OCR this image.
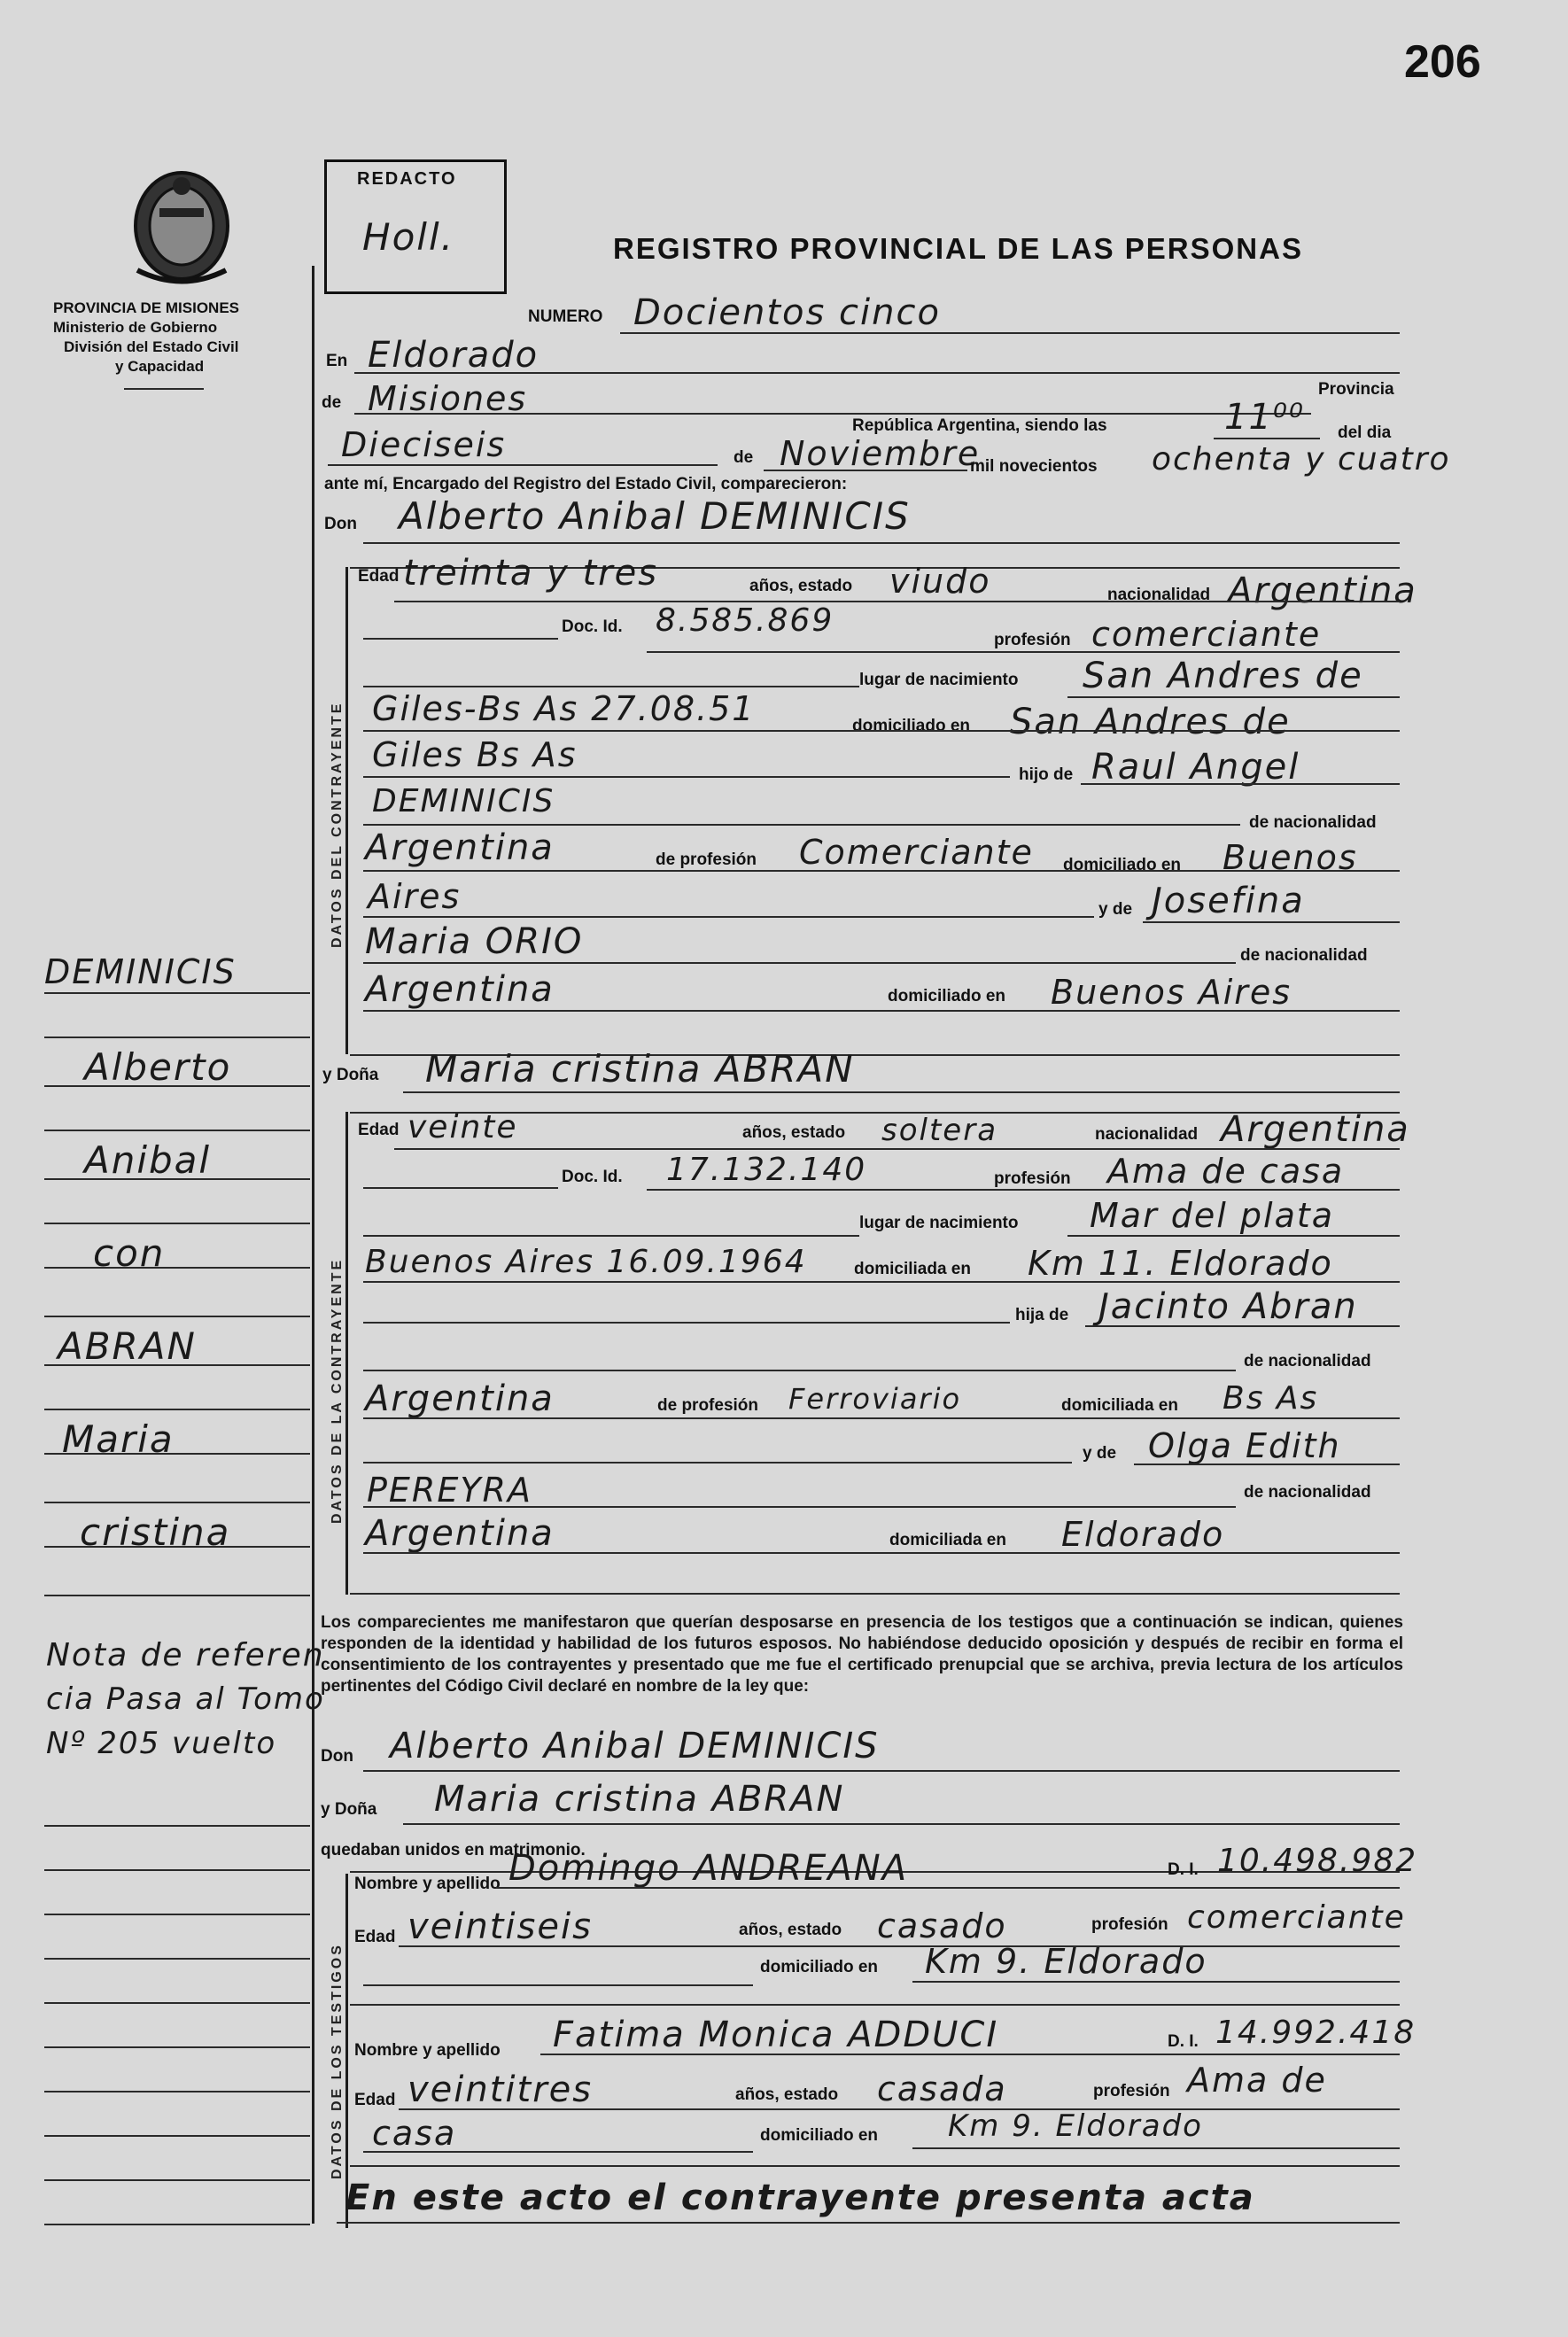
206
PROVINCIA DE MISIONES
Ministerio de Gobierno
División del Estado Civil
y Capacidad
REDACTO
Holl.	REGISTRO PROVINCIAL DE LAS PERSONAS
DATOS DEL CONTRAYENTE
DATOS DE LA CONTRAYENTE
DATOS DE LOS TESTIGOS
DEMINICIS
Alberto
Anibal
con
ABRAN
Maria
cristina
Nota de referen
cia Pasa al Tomo
Nº 205 vuelto
NUMERO Docientos cinco
En Eldorado
de Misiones	Provincia
República Argentina, siendo las	11⁰⁰ del dia
Dieciseis	de Noviembre
mil novecientos ochenta y cuatro
ante mí, Encargado del Registro del Estado Civil, comparecieron:
Don Alberto Anibal DEMINICIS
Edad treinta y tres	años, estado viudo	nacionalidad Argentina
Doc. Id. 8.585.869
profesión comerciante
lugar de nacimiento San Andres de
Giles-Bs As 27.08.51	domiciliado en San Andres de
Giles Bs As
hijo de Raul Angel
DEMINICIS
de nacionalidad
Argentina	de profesión Comerciante domiciliado en Buenos
Aires	y de Josefina
Maria ORIO	de nacionalidad
Argentina	domiciliado en Buenos Aires
y Doña Maria cristina ABRAN
Edad veinte	años, estado soltera	nacionalidad Argentina
Doc. Id. 17.132.140	profesión Ama de casa
lugar de nacimiento Mar del plata
Buenos Aires 16.09.1964	domiciliada en Km 11. Eldorado
hija de Jacinto Abran
de nacionalidad
Argentina	de profesión Ferroviario	domiciliada en Bs As
y de Olga Edith
PEREYRA	de nacionalidad
Argentina	domiciliada en Eldorado
Los comparecientes me manifestaron que querían desposarse en presencia de los testigos que a continuación se indican, quienes responden de la identidad y habilidad de los futuros esposos. No habiéndose deducido oposición y después de recibir en forma el consentimiento de los contrayentes y presentado que me fue el certificado prenupcial que se archiva, previa lectura de los artículos pertinentes del Código Civil declaré en nombre de la ley que:
Don Alberto Anibal DEMINICIS
y Doña Maria cristina ABRAN
quedaban unidos en matrimonio.
Nombre y apellido Domingo ANDREANA	D. I. 10.498.982
Edad veintiseis	años, estado casado	profesión comerciante
domiciliado en Km 9. Eldorado
Nombre y apellido Fatima Monica ADDUCI	D. I. 14.992.418
Edad veintitres	años, estado casada	profesión Ama de
casa	domiciliado en Km 9. Eldorado
En este acto el contrayente presenta acta
